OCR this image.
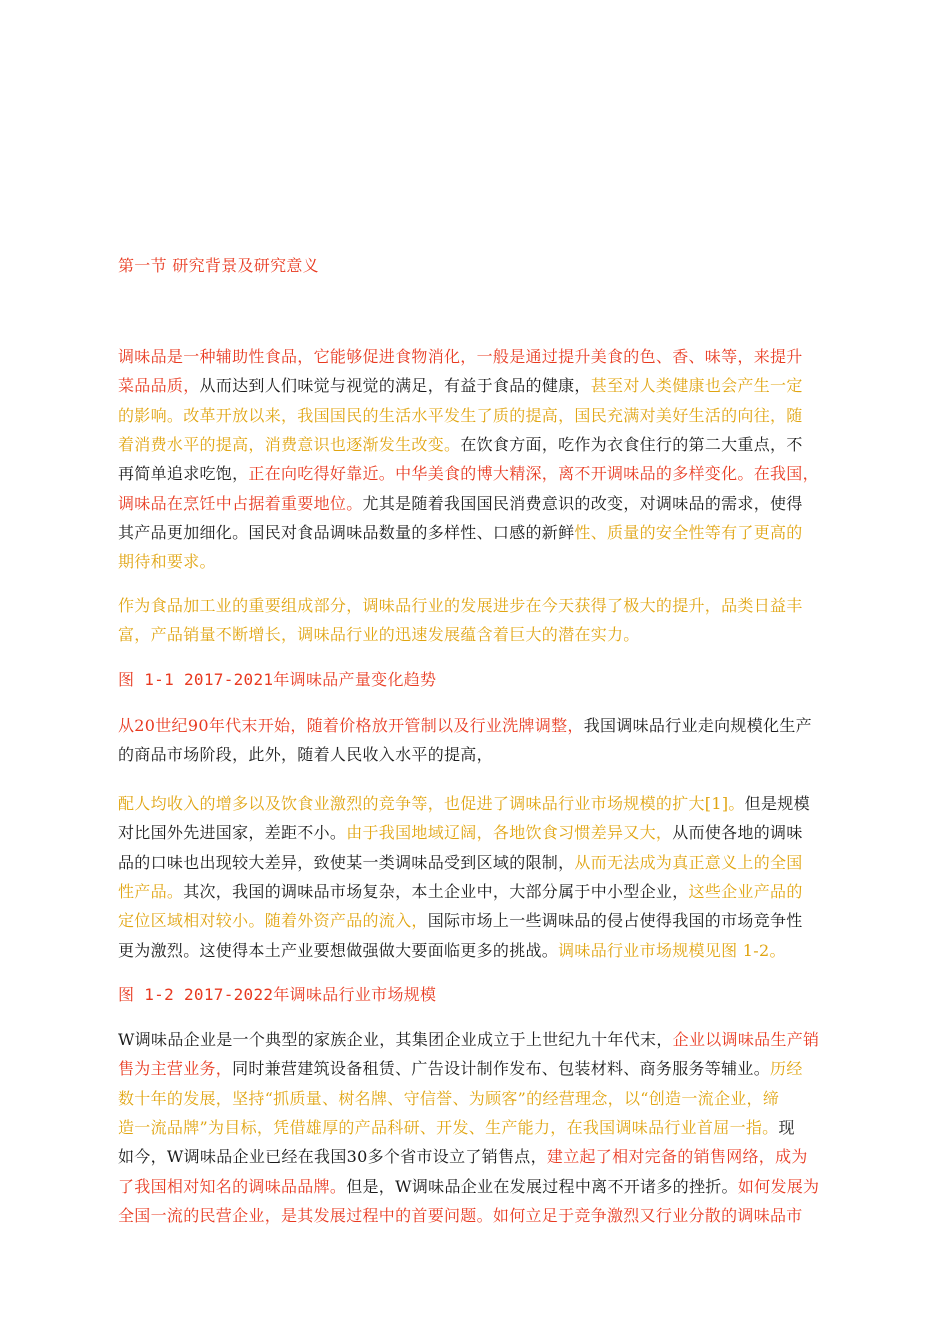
第一节 研究背景及研究意义
调味品是一种辅助性食品，它能够促进食物消化，一般是通过提升美食的色、香、味等，来提升
菜品品质，从而达到人们味觉与视觉的满足，有益于食品的健康，甚至对人类健康也会产生一定
的影响。改革开放以来，我国国民的生活水平发生了质的提高，国民充满对美好生活的向往，随
着消费水平的提高，消费意识也逐渐发生改变。在饮食方面，吃作为衣食住行的第二大重点，不
再简单追求吃饱，正在向吃得好靠近。中华美食的博大精深，离不开调味品的多样变化。在我国，
调味品在烹饪中占据着重要地位。尤其是随着我国国民消费意识的改变，对调味品的需求，使得
其产品更加细化。国民对食品调味品数量的多样性、口感的新鲜性、质量的安全性等有了更高的
期待和要求。
作为食品加工业的重要组成部分，调味品行业的发展进步在今天获得了极大的提升，品类日益丰
富，产品销量不断增长，调味品行业的迅速发展蕴含着巨大的潜在实力。
图 1-1 2017-2021年调味品产量变化趋势
从20世纪90年代末开始，随着价格放开管制以及行业洗牌调整，我国调味品行业走向规模化生产
的商品市场阶段，此外，随着人民收入水平的提高，
配人均收入的增多以及饮食业激烈的竞争等，也促进了调味品行业市场规模的扩大[1]。但是规模
对比国外先进国家，差距不小。由于我国地域辽阔，各地饮食习惯差异又大，从而使各地的调味
品的口味也出现较大差异，致使某一类调味品受到区域的限制，从而无法成为真正意义上的全国
性产品。其次，我国的调味品市场复杂，本土企业中，大部分属于中小型企业，这些企业产品的
定位区域相对较小。随着外资产品的流入，国际市场上一些调味品的侵占使得我国的市场竞争性
更为激烈。这使得本土产业要想做强做大要面临更多的挑战。调味品行业市场规模见图 1-2。
图 1-2 2017-2022年调味品行业市场规模
W调味品企业是一个典型的家族企业，其集团企业成立于上世纪九十年代末，企业以调味品生产销
售为主营业务，同时兼营建筑设备租赁、广告设计制作发布、包装材料、商务服务等辅业。历经
数十年的发展，坚持“抓质量、树名牌、守信誉、为顾客”的经营理念，以“创造一流企业，缔
造一流品牌”为目标，凭借雄厚的产品科研、开发、生产能力，在我国调味品行业首屈一指。现
如今，W调味品企业已经在我国30多个省市设立了销售点，建立起了相对完备的销售网络，成为
了我国相对知名的调味品品牌。但是，W调味品企业在发展过程中离不开诸多的挫折。如何发展为
全国一流的民营企业，是其发展过程中的首要问题。如何立足于竞争激烈又行业分散的调味品市
